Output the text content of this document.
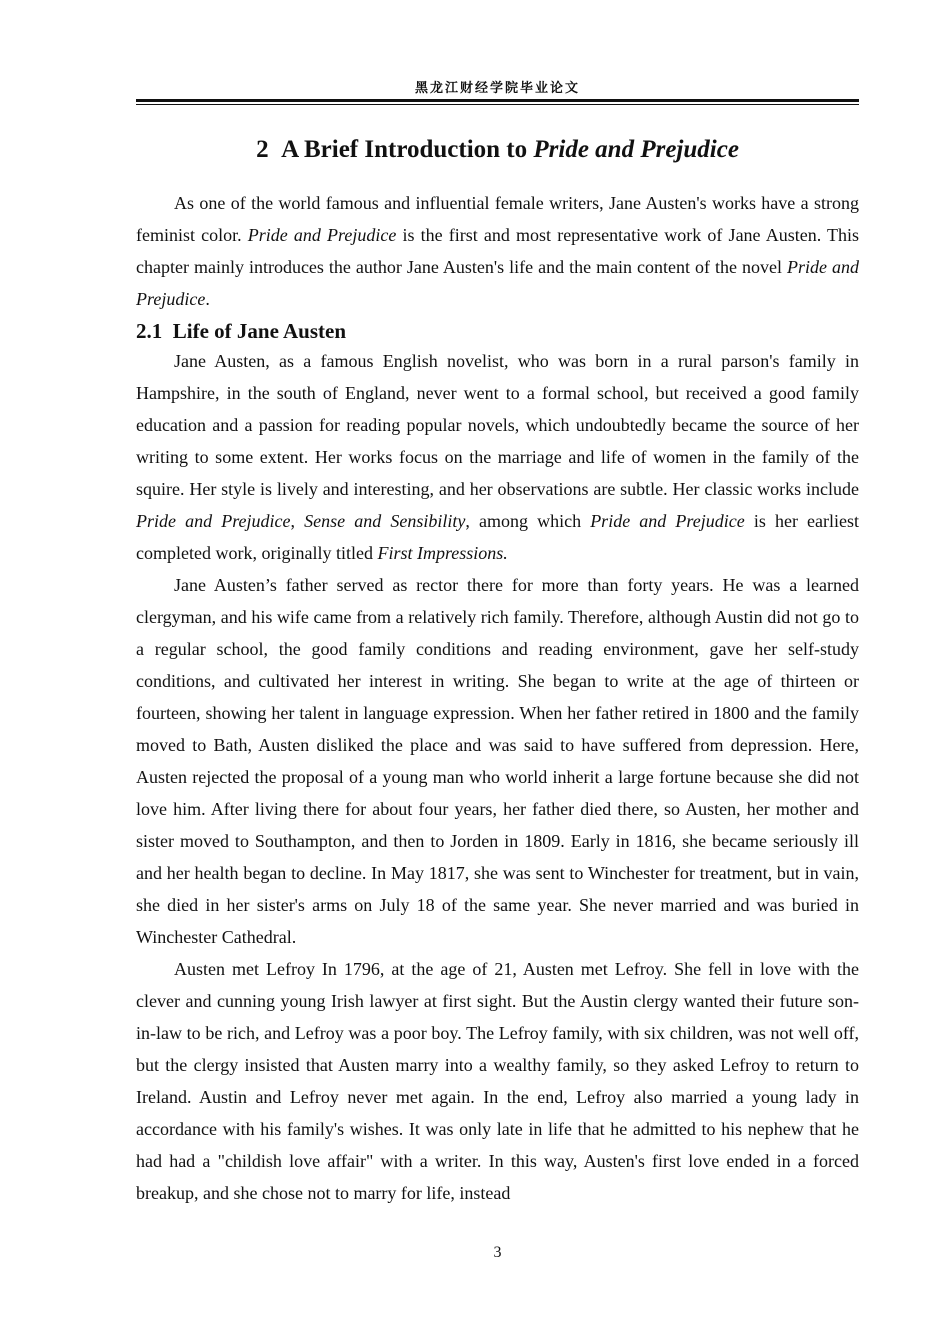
黑龙江财经学院毕业论文
2 A Brief Introduction to Pride and Prejudice

As one of the world famous and influential female writers, Jane Austen's works have a strong feminist color. Pride and Prejudice is the first and most representative work of Jane Austen. This chapter mainly introduces the author Jane Austen's life and the main content of the novel Pride and Prejudice.

2.1 Life of Jane Austen

Jane Austen, as a famous English novelist, who was born in a rural parson's family in Hampshire, in the south of England, never went to a formal school, but received a good family education and a passion for reading popular novels, which undoubtedly became the source of her writing to some extent. Her works focus on the marriage and life of women in the family of the squire. Her style is lively and interesting, and her observations are subtle. Her classic works include Pride and Prejudice, Sense and Sensibility, among which Pride and Prejudice is her earliest completed work, originally titled First Impressions.

Jane Austen’s father served as rector there for more than forty years. He was a learned clergyman, and his wife came from a relatively rich family. Therefore, although Austin did not go to a regular school, the good family conditions and reading environment, gave her self-study conditions, and cultivated her interest in writing. She began to write at the age of thirteen or fourteen, showing her talent in language expression. When her father retired in 1800 and the family moved to Bath, Austen disliked the place and was said to have suffered from depression. Here, Austen rejected the proposal of a young man who world inherit a large fortune because she did not love him. After living there for about four years, her father died there, so Austen, her mother and sister moved to Southampton, and then to Jorden in 1809. Early in 1816, she became seriously ill and her health began to decline. In May 1817, she was sent to Winchester for treatment, but in vain, she died in her sister's arms on July 18 of the same year. She never married and was buried in Winchester Cathedral.

Austen met Lefroy In 1796, at the age of 21, Austen met Lefroy. She fell in love with the clever and cunning young Irish lawyer at first sight. But the Austin clergy wanted their future son-in-law to be rich, and Lefroy was a poor boy. The Lefroy family, with six children, was not well off, but the clergy insisted that Austen marry into a wealthy family, so they asked Lefroy to return to Ireland. Austin and Lefroy never met again. In the end, Lefroy also married a young lady in accordance with his family's wishes. It was only late in life that he admitted to his nephew that he had had a "childish love affair" with a writer. In this way, Austen's first love ended in a forced breakup, and she chose not to marry for life, instead

3
